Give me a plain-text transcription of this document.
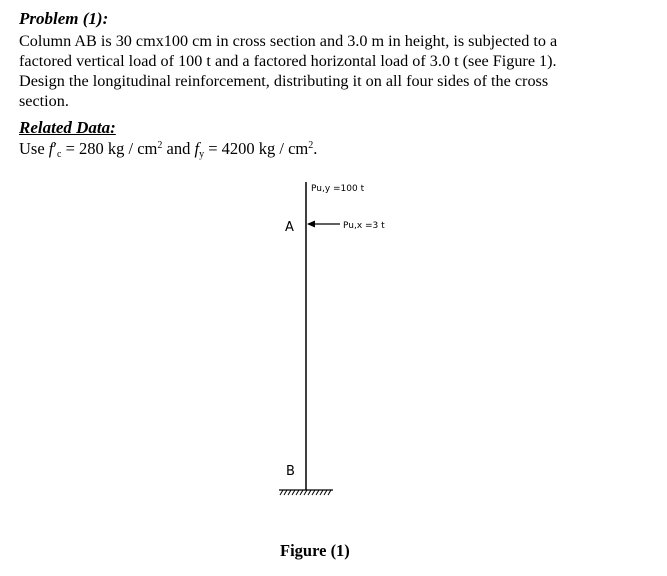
Problem (1):
Column AB is 30 cmx100 cm in cross section and 3.0 m in height, is subjected to a
factored vertical load of 100 t and a factored horizontal load of 3.0 t (see Figure 1).
Design the longitudinal reinforcement, distributing it on all four sides of the cross
section.
Related Data:
Use $f'_c = 280$ kg / $cm^2$ and $f_y = 4200$ kg / $cm^2$.
Pu,y =100 t
Pu,x =3 t
A
B
Figure (1)
